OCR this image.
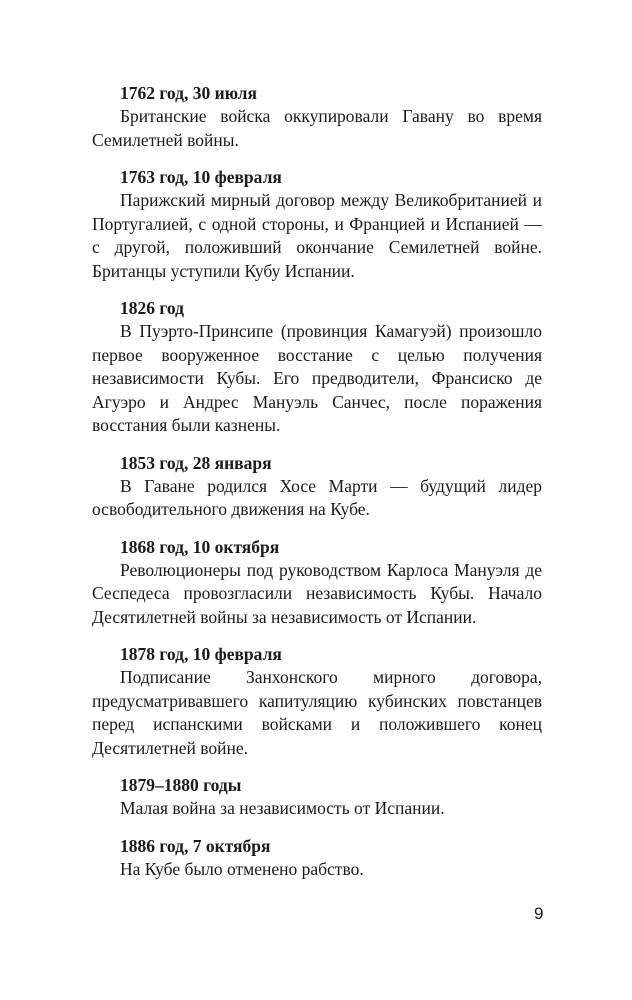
1762 год, 30 июля

Британские войска оккупировали Гавану во время Семилетней войны.

1763 год, 10 февраля

Парижский мирный договор между Великобританией и Португалией, с одной стороны, и Францией и Испанией — с другой, положивший окончание Семилетней войне. Британцы уступили Кубу Испании.

1826 год

В Пуэрто-Принсипе (провинция Камагуэй) произошло первое вооруженное восстание с целью получения независимости Кубы. Его предводители, Франсиско де Агуэро и Андрес Мануэль Санчес, после поражения восстания были казнены.

1853 год, 28 января

В Гаване родился Хосе Марти — будущий лидер освободительного движения на Кубе.

1868 год, 10 октября

Революционеры под руководством Карлоса Мануэля де Сеспедеса провозгласили независимость Кубы. Начало Десятилетней войны за независимость от Испании.

1878 год, 10 февраля

Подписание Занхонского мирного договора, предусматривавшего капитуляцию кубинских повстанцев перед испанскими войсками и положившего конец Десятилетней войне.

1879–1880 годы

Малая война за независимость от Испании.

1886 год, 7 октября

На Кубе было отменено рабство.

9
